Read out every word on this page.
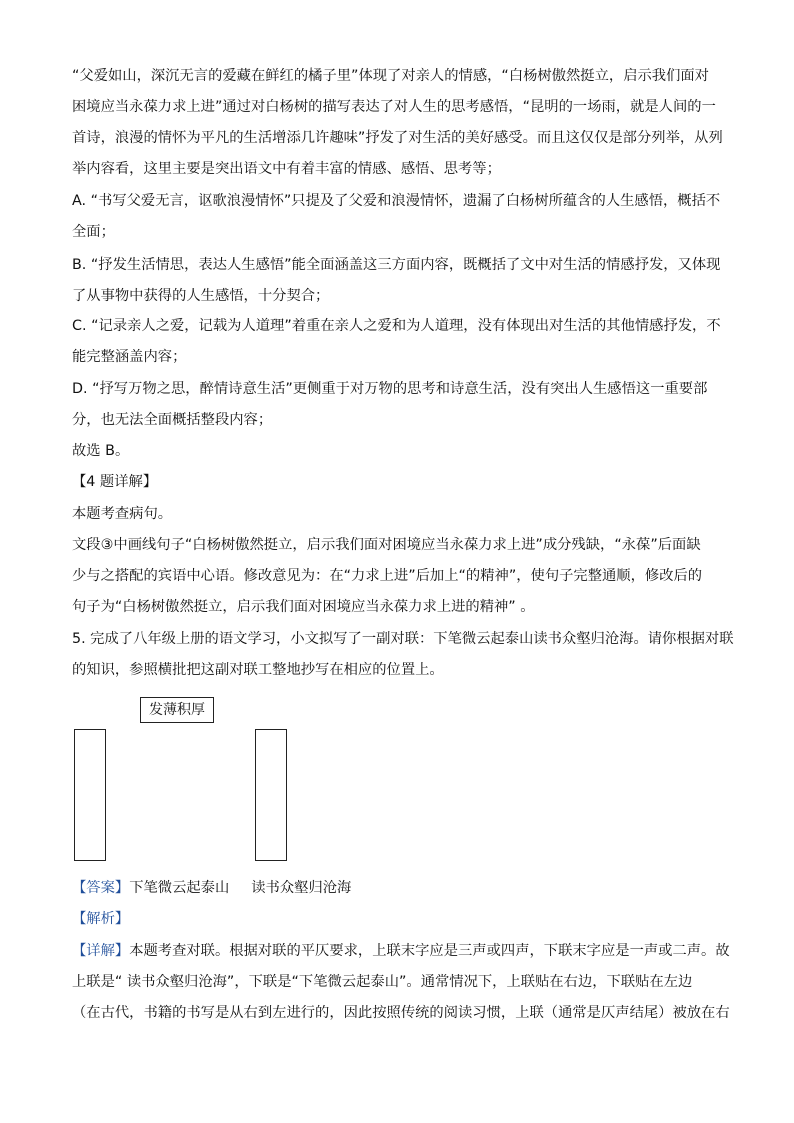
“父爱如山，深沉无言的爱藏在鲜红的橘子里”体现了对亲人的情感，“白杨树傲然挺立，启示我们面对
困境应当永葆力求上进”通过对白杨树的描写表达了对人生的思考感悟，“昆明的一场雨，就是人间的一
首诗，浪漫的情怀为平凡的生活增添几许趣味”抒发了对生活的美好感受。而且这仅仅是部分列举，从列
举内容看，这里主要是突出语文中有着丰富的情感、感悟、思考等；
A. “书写父爱无言，讴歌浪漫情怀”只提及了父爱和浪漫情怀，遗漏了白杨树所蕴含的人生感悟，概括不
全面；
B. “抒发生活情思，表达人生感悟”能全面涵盖这三方面内容，既概括了文中对生活的情感抒发，又体现
了从事物中获得的人生感悟，十分契合；
C. “记录亲人之爱，记载为人道理”着重在亲人之爱和为人道理，没有体现出对生活的其他情感抒发，不
能完整涵盖内容；
D. “抒写万物之思，醉情诗意生活”更侧重于对万物的思考和诗意生活，没有突出人生感悟这一重要部
分，也无法全面概括整段内容；
故选 B。
【4 题详解】
本题考查病句。
文段③中画线句子“白杨树傲然挺立，启示我们面对困境应当永葆力求上进”成分残缺，“永葆”后面缺
少与之搭配的宾语中心语。修改意见为：在“力求上进”后加上“的精神”，使句子完整通顺，修改后的
句子为“白杨树傲然挺立，启示我们面对困境应当永葆力求上进的精神” 。
5. 完成了八年级上册的语文学习，小文拟写了一副对联：下笔微云起泰山读书众壑归沧海。请你根据对联
的知识，参照横批把这副对联工整地抄写在相应的位置上。
发薄积厚
【答案】下笔微云起泰山 读书众壑归沧海
【解析】
【详解】本题考查对联。根据对联的平仄要求，上联末字应是三声或四声，下联末字应是一声或二声。故
上联是“ 读书众壑归沧海”，下联是“下笔微云起泰山”。通常情况下，上联贴在右边，下联贴在左边
（在古代，书籍的书写是从右到左进行的，因此按照传统的阅读习惯，上联（通常是仄声结尾）被放在右
